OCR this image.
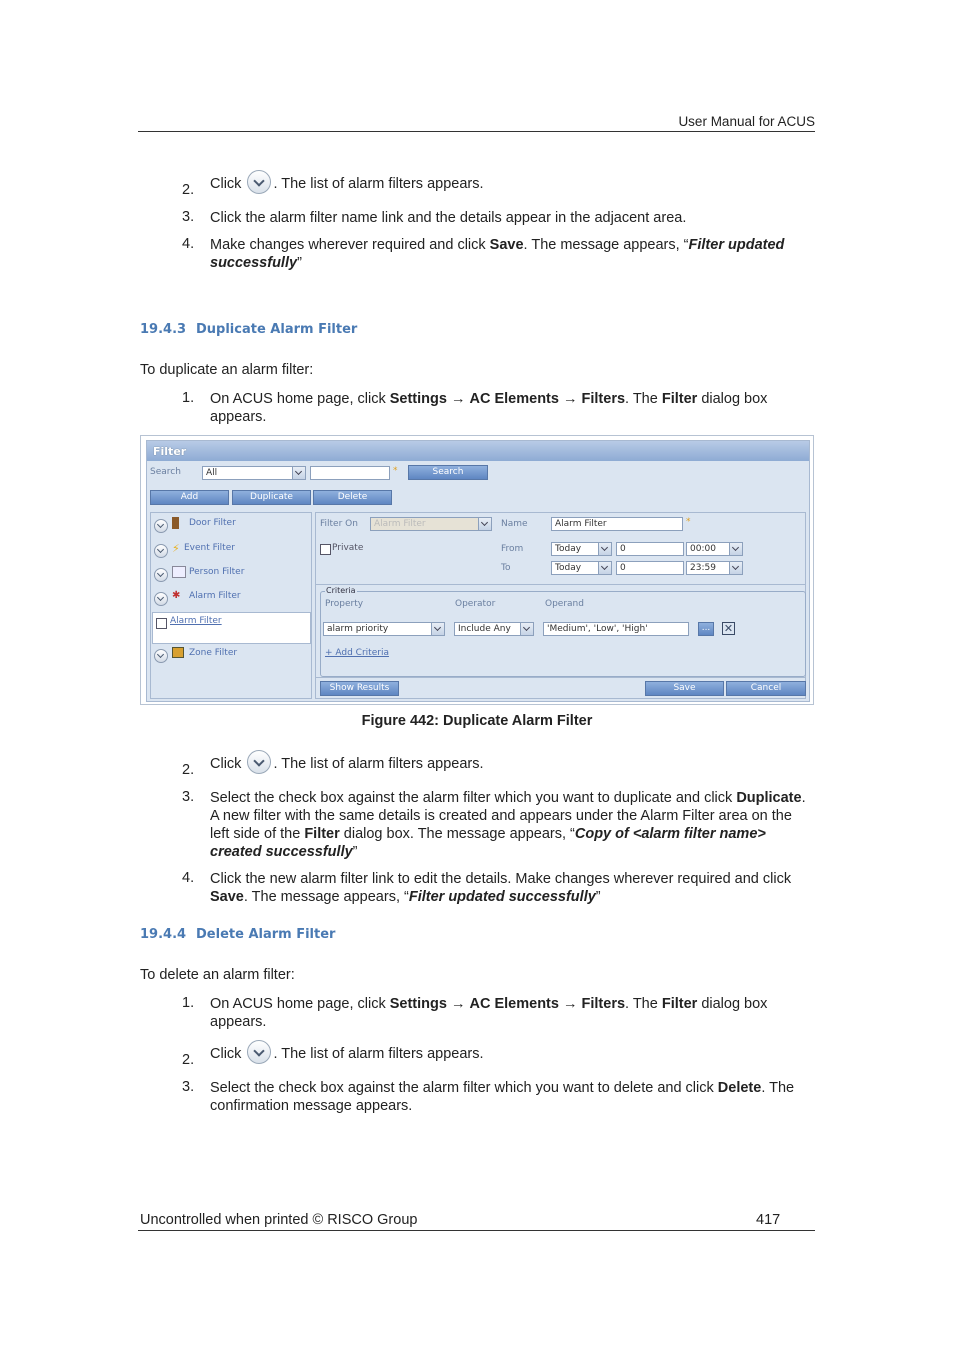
User Manual for ACUS
2. Click . The list of alarm filters appears.
3. Click the alarm filter name link and the details appear in the adjacent area.
4. Make changes wherever required and click Save. The message appears, “Filter updated successfully”
19.4.3 Duplicate Alarm Filter
To duplicate an alarm filter:
1. On ACUS home page, click Settings → AC Elements → Filters. The Filter dialog box appears.
Filter
Search	All	*	Search
Add	Duplicate	Delete
Door Filter
⚡ Event Filter
Person Filter
✱ Alarm Filter
Alarm Filter
Zone Filter
Filter On	Alarm Filter	Name	Alarm Filter	*
Private	From	Today	0	00:00
To	Today	0	23:59
Criteria
Property	Operator	Operand
alarm priority	Include Any	'Medium', 'Low', 'High'	...	✕
+ Add Criteria
Show Results	Save	Cancel
Figure 442: Duplicate Alarm Filter
2. Click . The list of alarm filters appears.
3. Select the check box against the alarm filter which you want to duplicate and click Duplicate. A new filter with the same details is created and appears under the Alarm Filter area on the left side of the Filter dialog box. The message appears, “Copy of <alarm filter name> created successfully”
4. Click the new alarm filter link to edit the details. Make changes wherever required and click Save. The message appears, “Filter updated successfully”
19.4.4 Delete Alarm Filter
To delete an alarm filter:
1. On ACUS home page, click Settings → AC Elements → Filters. The Filter dialog box appears.
2. Click . The list of alarm filters appears.
3. Select the check box against the alarm filter which you want to delete and click Delete. The confirmation message appears.
Uncontrolled when printed © RISCO Group	417
